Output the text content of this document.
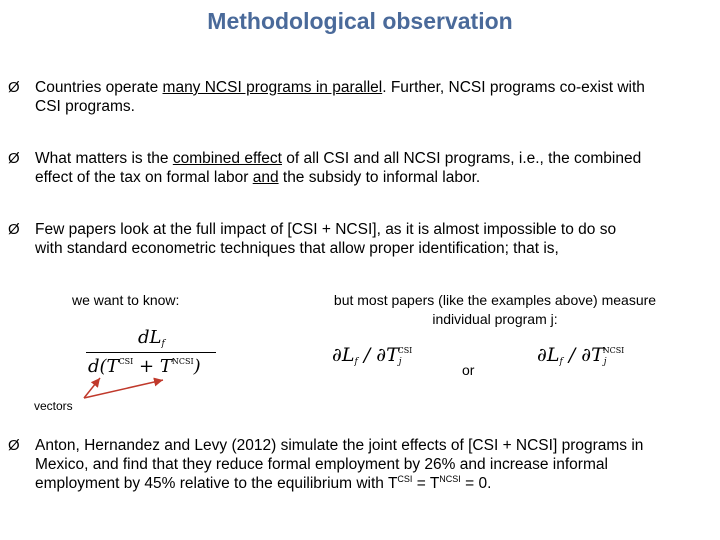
Methodological observation
Ø Countries operate many NCSI programs in parallel. Further, NCSI programs co-exist with
CSI programs.
Ø What matters is the combined effect of all CSI and all NCSI programs, i.e., the combined
effect of the tax on formal labor and the subsidy to informal labor.
Ø Few papers look at the full impact of [CSI + NCSI], as it is almost impossible to do so
with standard econometric techniques that allow proper identification; that is,
we want to know:	but most papers (like the examples above) measure
individual program j:
$dL_f$
$d(T^{CSI} + T^{NCSI})$
$\partial L_f / \partial T_j^{CSI}$
or
$\partial L_f / \partial T_j^{NCSI}$
vectors
Ø Anton, Hernandez and Levy (2012) simulate the joint effects of [CSI + NCSI] programs in
Mexico, and find that they reduce formal employment by 26% and increase informal
employment by 45% relative to the equilibrium with $T^{CSI} = T^{NCSI} = 0$.
